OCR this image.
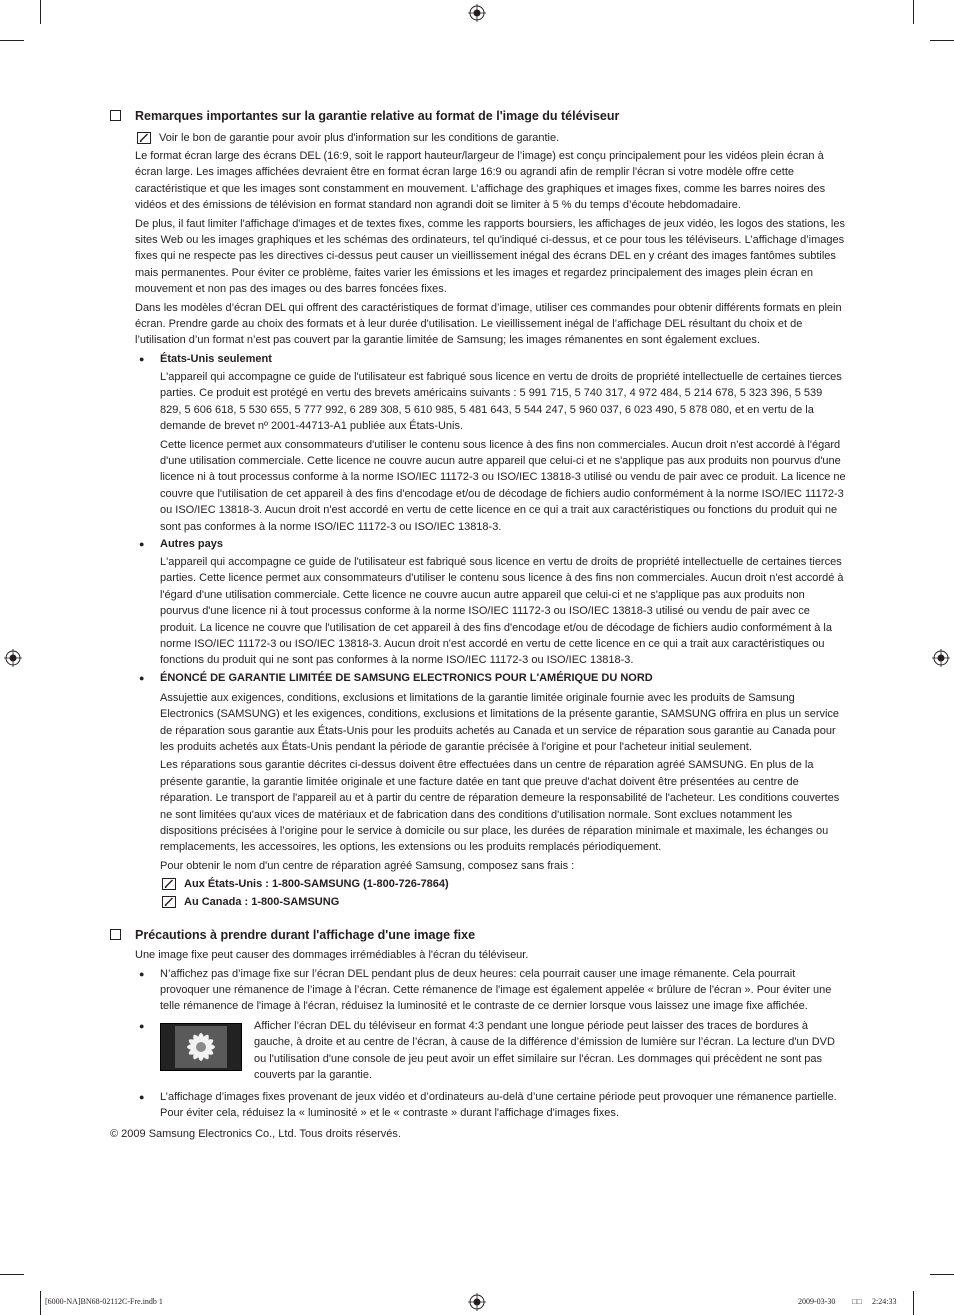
Remarques importantes sur la garantie relative au format de l'image du téléviseur
Voir le bon de garantie pour avoir plus d'information sur les conditions de garantie.

Le format écran large des écrans DEL (16:9, soit le rapport hauteur/largeur de l’image) est conçu principalement pour les vidéos plein écran à écran large. Les images affichées devraient être en format écran large 16:9 ou agrandi afin de remplir l'écran si votre modèle offre cette caractéristique et que les images sont constamment en mouvement. L’affichage des graphiques et images fixes, comme les barres noires des vidéos et des émissions de télévision en format standard non agrandi doit se limiter à 5 % du temps d’écoute hebdomadaire.

De plus, il faut limiter l'affichage d'images et de textes fixes, comme les rapports boursiers, les affichages de jeux vidéo, les logos des stations, les sites Web ou les images graphiques et les schémas des ordinateurs, tel qu'indiqué ci-dessus, et ce pour tous les téléviseurs. L’affichage d’images fixes qui ne respecte pas les directives ci-dessus peut causer un vieillissement inégal des écrans DEL en y créant des images fantômes subtiles mais permanentes. Pour éviter ce problème, faites varier les émissions et les images et regardez principalement des images plein écran en mouvement et non pas des images ou des barres foncées fixes.

Dans les modèles d’écran DEL qui offrent des caractéristiques de format d’image, utiliser ces commandes pour obtenir différents formats en plein écran. Prendre garde au choix des formats et à leur durée d'utilisation. Le vieillissement inégal de l’affichage DEL résultant du choix et de l’utilisation d’un format n’est pas couvert par la garantie limitée de Samsung; les images rémanentes en sont également exclues.

●	États-Unis seulement

L'appareil qui accompagne ce guide de l'utilisateur est fabriqué sous licence en vertu de droits de propriété intellectuelle de certaines tierces parties. Ce produit est protégé en vertu des brevets américains suivants : 5 991 715, 5 740 317, 4 972 484, 5 214 678, 5 323 396, 5 539 829, 5 606 618, 5 530 655, 5 777 992, 6 289 308, 5 610 985, 5 481 643, 5 544 247, 5 960 037, 6 023 490, 5 878 080, et en vertu de la demande de brevet nº 2001-44713-A1 publiée aux États-Unis.

Cette licence permet aux consommateurs d'utiliser le contenu sous licence à des fins non commerciales. Aucun droit n'est accordé à l'égard d'une utilisation commerciale. Cette licence ne couvre aucun autre appareil que celui-ci et ne s'applique pas aux produits non pourvus d'une licence ni à tout processus conforme à la norme ISO/IEC 11172-3 ou ISO/IEC 13818-3 utilisé ou vendu de pair avec ce produit. La licence ne couvre que l'utilisation de cet appareil à des fins d'encodage et/ou de décodage de fichiers audio conformément à la norme ISO/IEC 11172-3 ou ISO/IEC 13818-3. Aucun droit n'est accordé en vertu de cette licence en ce qui a trait aux caractéristiques ou fonctions du produit qui ne sont pas conformes à la norme ISO/IEC 11172-3 ou ISO/IEC 13818-3.

●	Autres pays

L'appareil qui accompagne ce guide de l'utilisateur est fabriqué sous licence en vertu de droits de propriété intellectuelle de certaines tierces parties. Cette licence permet aux consommateurs d'utiliser le contenu sous licence à des fins non commerciales. Aucun droit n'est accordé à l'égard d'une utilisation commerciale. Cette licence ne couvre aucun autre appareil que celui-ci et ne s'applique pas aux produits non pourvus d'une licence ni à tout processus conforme à la norme ISO/IEC 11172-3 ou ISO/IEC 13818-3 utilisé ou vendu de pair avec ce produit. La licence ne couvre que l'utilisation de cet appareil à des fins d'encodage et/ou de décodage de fichiers audio conformément à la norme ISO/IEC 11172-3 ou ISO/IEC 13818-3. Aucun droit n'est accordé en vertu de cette licence en ce qui a trait aux caractéristiques ou fonctions du produit qui ne sont pas conformes à la norme ISO/IEC 11172-3 ou ISO/IEC 13818-3.

●	ÉNONCÉ DE GARANTIE LIMITÉE DE SAMSUNG ELECTRONICS POUR L'AMÉRIQUE DU NORD

Assujettie aux exigences, conditions, exclusions et limitations de la garantie limitée originale fournie avec les produits de Samsung Electronics (SAMSUNG) et les exigences, conditions, exclusions et limitations de la présente garantie, SAMSUNG offrira en plus un service de réparation sous garantie aux États-Unis pour les produits achetés au Canada et un service de réparation sous garantie au Canada pour les produits achetés aux États-Unis pendant la période de garantie précisée à l'origine et pour l'acheteur initial seulement.

Les réparations sous garantie décrites ci-dessus doivent être effectuées dans un centre de réparation agréé SAMSUNG. En plus de la présente garantie, la garantie limitée originale et une facture datée en tant que preuve d'achat doivent être présentées au centre de réparation. Le transport de l'appareil au et à partir du centre de réparation demeure la responsabilité de l'acheteur. Les conditions couvertes ne sont limitées qu'aux vices de matériaux et de fabrication dans des conditions d'utilisation normale. Sont exclues notamment les dispositions précisées à l’origine pour le service à domicile ou sur place, les durées de réparation minimale et maximale, les échanges ou remplacements, les accessoires, les options, les extensions ou les produits remplacés périodiquement.

Pour obtenir le nom d'un centre de réparation agréé Samsung, composez sans frais :

Aux États-Unis : 1-800-SAMSUNG (1-800-726-7864)
Au Canada : 1-800-SAMSUNG
Précautions à prendre durant l'affichage d'une image fixe

Une image fixe peut causer des dommages irrémédiables à l'écran du téléviseur.

● N’affichez pas d’image fixe sur l’écran DEL pendant plus de deux heures: cela pourrait causer une image rémanente. Cela pourrait provoquer une rémanence de l’image à l’écran. Cette rémanence de l'image est également appelée « brûlure de l'écran ». Pour éviter une telle rémanence de l'image à l'écran, réduisez la luminosité et le contraste de ce dernier lorsque vous laissez une image fixe affichée.
●	Afficher l’écran DEL du téléviseur en format 4:3 pendant une longue période peut laisser des traces de bordures à gauche, à droite et au centre de l’écran, à cause de la différence d’émission de lumière sur l’écran. La lecture d'un DVD ou l'utilisation d'une console de jeu peut avoir un effet similaire sur l'écran. Les dommages qui précèdent ne sont pas couverts par la garantie.
● L’affichage d’images fixes provenant de jeux vidéo et d’ordinateurs au-delà d’une certaine période peut provoquer une rémanence partielle. Pour éviter cela, réduisez la « luminosité » et le « contraste » durant l'affichage d'images fixes.

© 2009 Samsung Electronics Co., Ltd. Tous droits réservés.

[6000-NA]BN68-02112C-Fre.indb 1	2009-03-30 □□ 2:24:33
